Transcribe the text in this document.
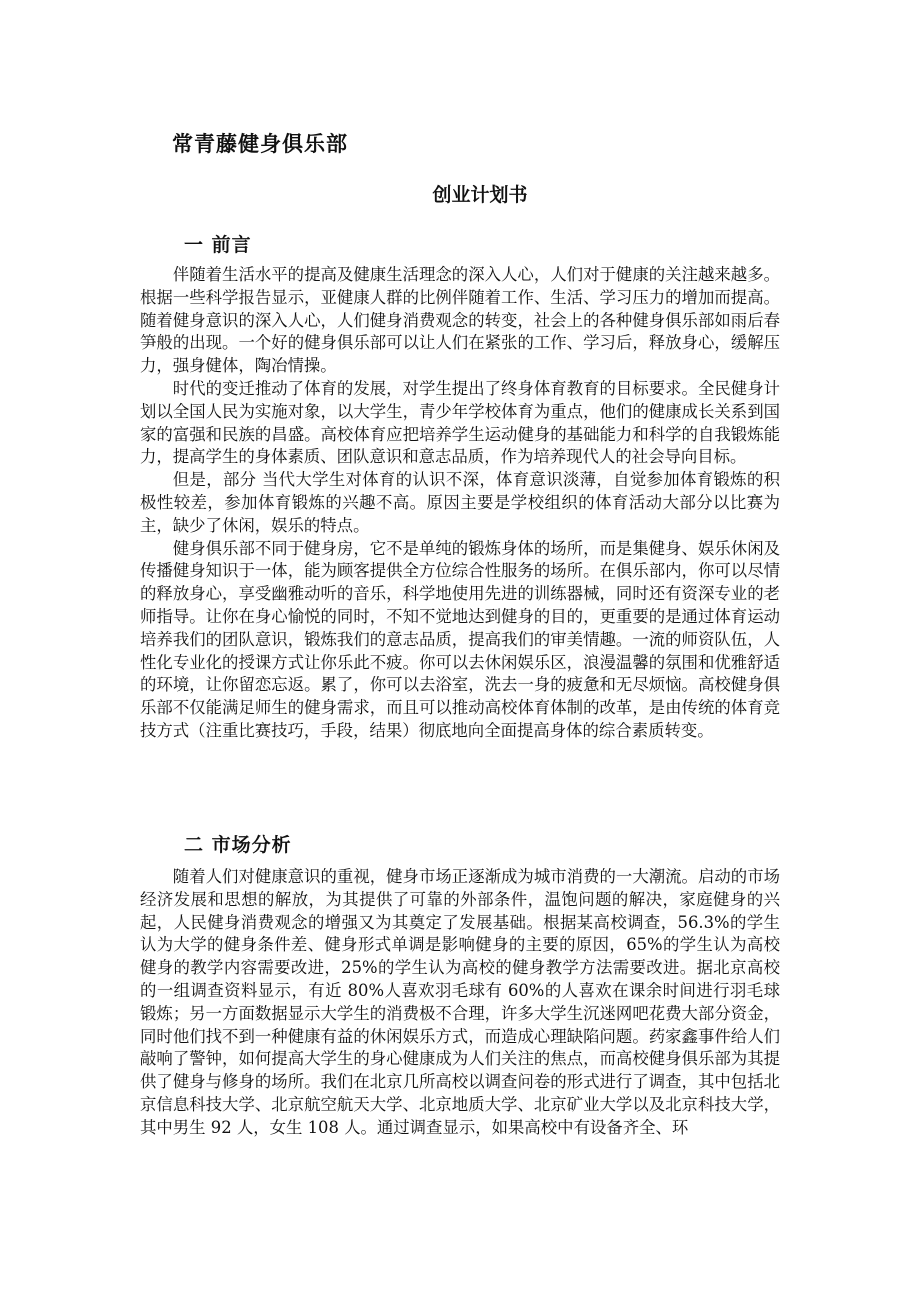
常青藤健身俱乐部
创业计划书
一 前言

伴随着生活水平的提高及健康生活理念的深入人心，人们对于健康的关注越来越多。根据一些科学报告显示，亚健康人群的比例伴随着工作、生活、学习压力的增加而提高。随着健身意识的深入人心，人们健身消费观念的转变，社会上的各种健身俱乐部如雨后春笋般的出现。一个好的健身俱乐部可以让人们在紧张的工作、学习后，释放身心，缓解压力，强身健体，陶冶情操。

时代的变迁推动了体育的发展，对学生提出了终身体育教育的目标要求。全民健身计划以全国人民为实施对象，以大学生，青少年学校体育为重点，他们的健康成长关系到国家的富强和民族的昌盛。高校体育应把培养学生运动健身的基础能力和科学的自我锻炼能力，提高学生的身体素质、团队意识和意志品质，作为培养现代人的社会导向目标。

但是，部分 当代大学生对体育的认识不深，体育意识淡薄，自觉参加体育锻炼的积极性较差，参加体育锻炼的兴趣不高。原因主要是学校组织的体育活动大部分以比赛为主，缺少了休闲，娱乐的特点。

健身俱乐部不同于健身房，它不是单纯的锻炼身体的场所，而是集健身、娱乐休闲及传播健身知识于一体，能为顾客提供全方位综合性服务的场所。在俱乐部内，你可以尽情的释放身心，享受幽雅动听的音乐，科学地使用先进的训练器械，同时还有资深专业的老师指导。让你在身心愉悦的同时，不知不觉地达到健身的目的，更重要的是通过体育运动培养我们的团队意识，锻炼我们的意志品质，提高我们的审美情趣。一流的师资队伍，人性化专业化的授课方式让你乐此不疲。你可以去休闲娱乐区，浪漫温馨的氛围和优雅舒适的环境，让你留恋忘返。累了，你可以去浴室，洗去一身的疲惫和无尽烦恼。高校健身俱乐部不仅能满足师生的健身需求，而且可以推动高校体育体制的改革，是由传统的体育竞技方式（注重比赛技巧，手段，结果）彻底地向全面提高身体的综合素质转变。

二 市场分析

随着人们对健康意识的重视，健身市场正逐渐成为城市消费的一大潮流。启动的市场经济发展和思想的解放，为其提供了可靠的外部条件，温饱问题的解决，家庭健身的兴起，人民健身消费观念的增强又为其奠定了发展基础。根据某高校调查，56.3%的学生认为大学的健身条件差、健身形式单调是影响健身的主要的原因，65%的学生认为高校健身的教学内容需要改进，25%的学生认为高校的健身教学方法需要改进。据北京高校的一组调查资料显示，有近 80%人喜欢羽毛球有 60%的人喜欢在课余时间进行羽毛球锻炼；另一方面数据显示大学生的消费极不合理，许多大学生沉迷网吧花费大部分资金，同时他们找不到一种健康有益的休闲娱乐方式，而造成心理缺陷问题。药家鑫事件给人们敲响了警钟，如何提高大学生的身心健康成为人们关注的焦点，而高校健身俱乐部为其提供了健身与修身的场所。我们在北京几所高校以调查问卷的形式进行了调查，其中包括北京信息科技大学、北京航空航天大学、北京地质大学、北京矿业大学以及北京科技大学，其中男生 92 人，女生 108 人。通过调查显示，如果高校中有设备齐全、环
